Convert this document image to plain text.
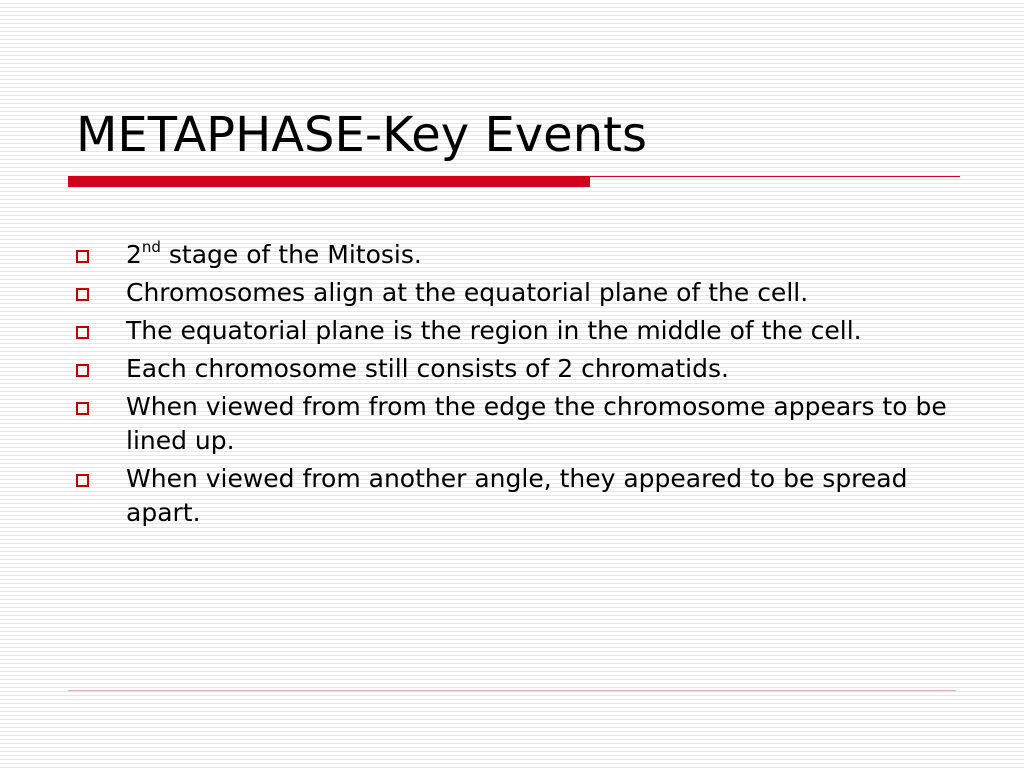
METAPHASE-Key Events
2nd stage of the Mitosis.
Chromosomes align at the equatorial plane of the cell.
The equatorial plane is the region in the middle of the cell.
Each chromosome still consists of 2 chromatids.
When viewed from from the edge the chromosome appears to be lined up.
When viewed from another angle, they appeared to be spread apart.
